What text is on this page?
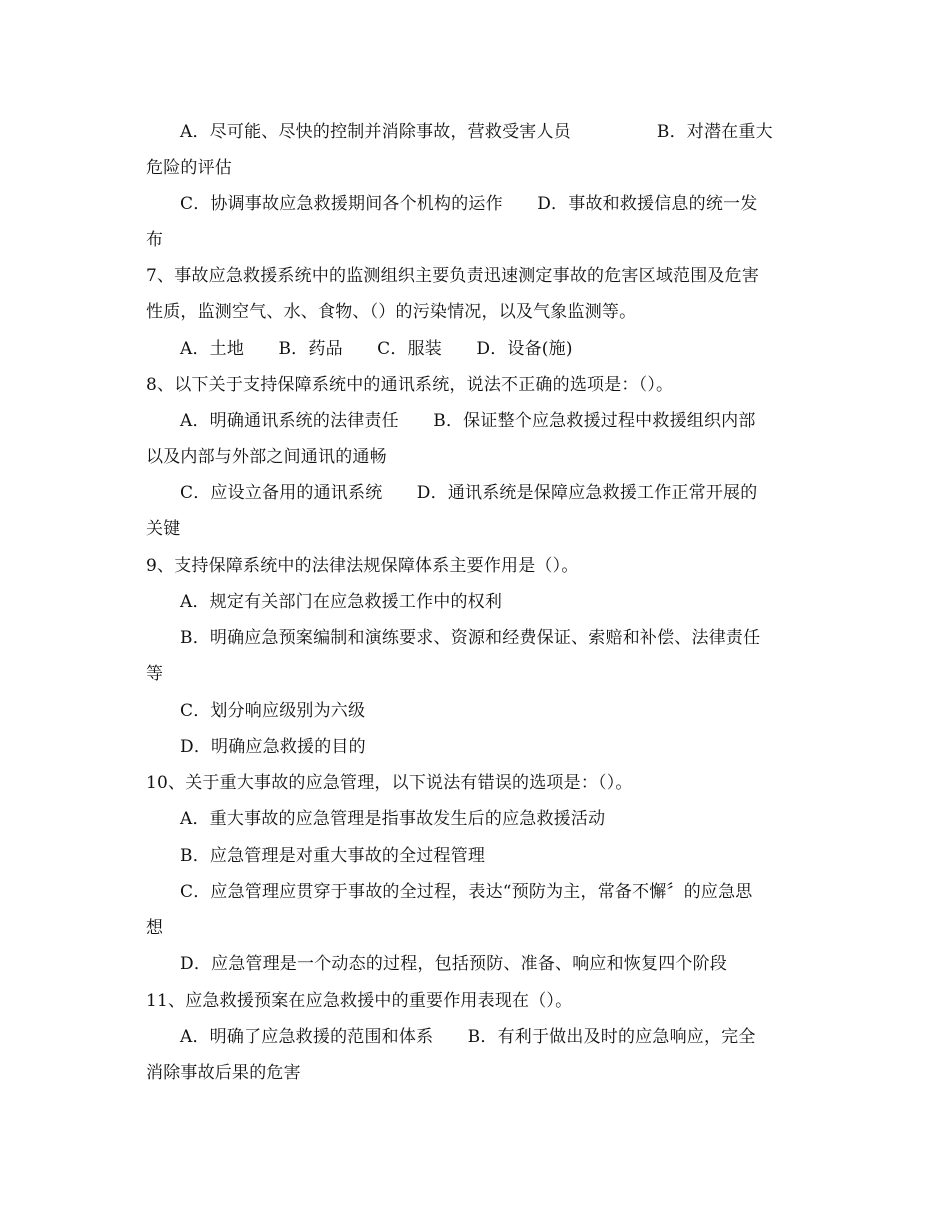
A．尽可能、尽快的控制并消除事故，营救受害人员　　　　　B．对潜在重大
危险的评估
C．协调事故应急救援期间各个机构的运作　　D．事故和救援信息的统一发
布
7、事故应急救援系统中的监测组织主要负责迅速测定事故的危害区域范围及危害
性质，监测空气、水、食物、（）的污染情况，以及气象监测等。
A．土地　　B．药品　　C．服装　　D．设备(施)
8、以下关于支持保障系统中的通讯系统，说法不正确的选项是：（）。
A．明确通讯系统的法律责任　　B．保证整个应急救援过程中救援组织内部
以及内部与外部之间通讯的通畅
C．应设立备用的通讯系统　　D．通讯系统是保障应急救援工作正常开展的
关键
9、支持保障系统中的法律法规保障体系主要作用是（）。
A．规定有关部门在应急救援工作中的权利
B．明确应急预案编制和演练要求、资源和经费保证、索赔和补偿、法律责任
等
C．划分响应级别为六级
D．明确应急救援的目的
10、关于重大事故的应急管理，以下说法有错误的选项是：（）。
A．重大事故的应急管理是指事故发生后的应急救援活动
B．应急管理是对重大事故的全过程管理
C．应急管理应贯穿于事故的全过程，表达“预防为主，常备不懈〞的应急思
想
D．应急管理是一个动态的过程，包括预防、准备、响应和恢复四个阶段
11、应急救援预案在应急救援中的重要作用表现在（）。
A．明确了应急救援的范围和体系　　B．有利于做出及时的应急响应，完全
消除事故后果的危害
